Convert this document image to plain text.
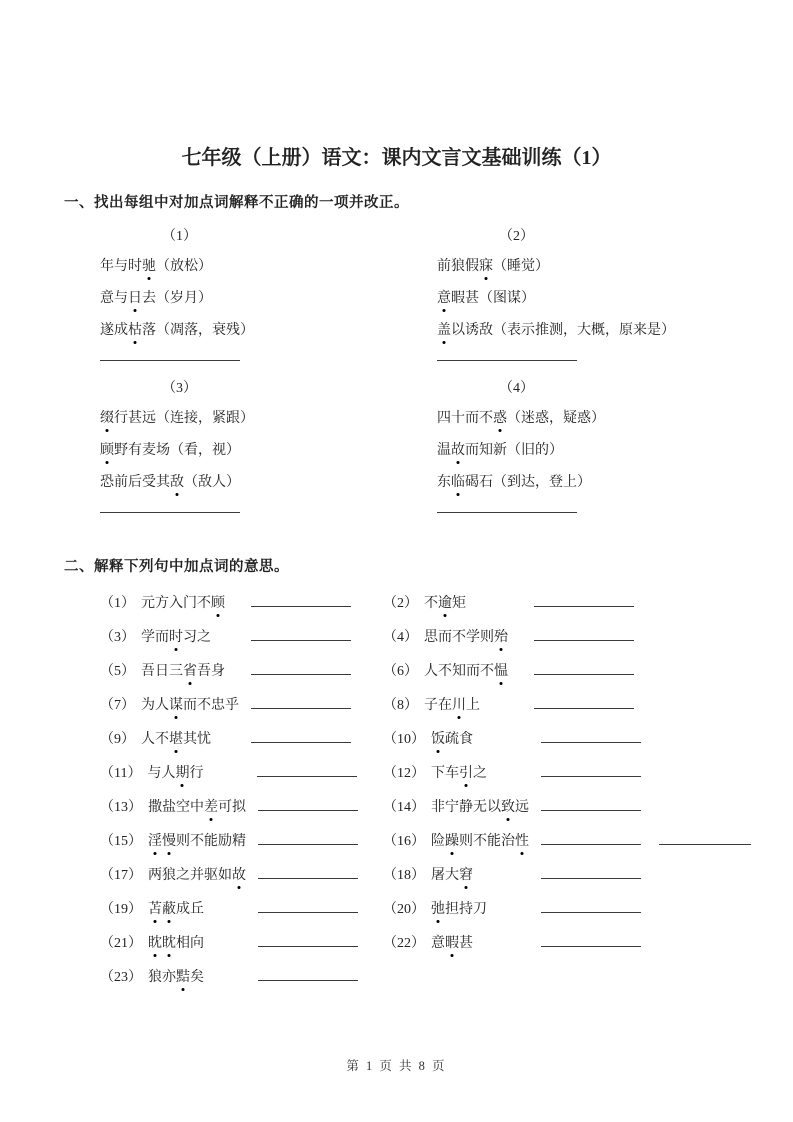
七年级（上册）语文：课内文言文基础训练（1）
一、找出每组中对加点词解释不正确的一项并改正。
（1）
年与时驰（放松）
意与日去（岁月）
遂成枯落（凋落，衰残）
（2）
前狼假寐（睡觉）
意暇甚（图谋）
盖以诱敌（表示推测，大概，原来是）
（3）
缀行甚远（连接，紧跟）
顾野有麦场（看，视）
恐前后受其敌（敌人）
（4）
四十而不惑（迷惑，疑惑）
温故而知新（旧的）
东临碣石（到达，登上）
二、解释下列句中加点词的意思。
（1） 元方入门不顾	（2） 不逾矩
（3） 学而时习之	（4） 思而不学则殆
（5） 吾日三省吾身	（6） 人不知而不愠
（7） 为人谋而不忠乎	（8） 子在川上
（9） 人不堪其忧	（10） 饭疏食
（11） 与人期行	（12） 下车引之
（13） 撒盐空中差可拟	（14） 非宁静无以致远
（15） 淫慢则不能励精	（16） 险躁则不能治性
（17） 两狼之并驱如故	（18） 屠大窘
（19） 苫蔽成丘	（20） 弛担持刀
（21） 眈眈相向	（22） 意暇甚
（23） 狼亦黠矣
第 1 页 共 8 页
